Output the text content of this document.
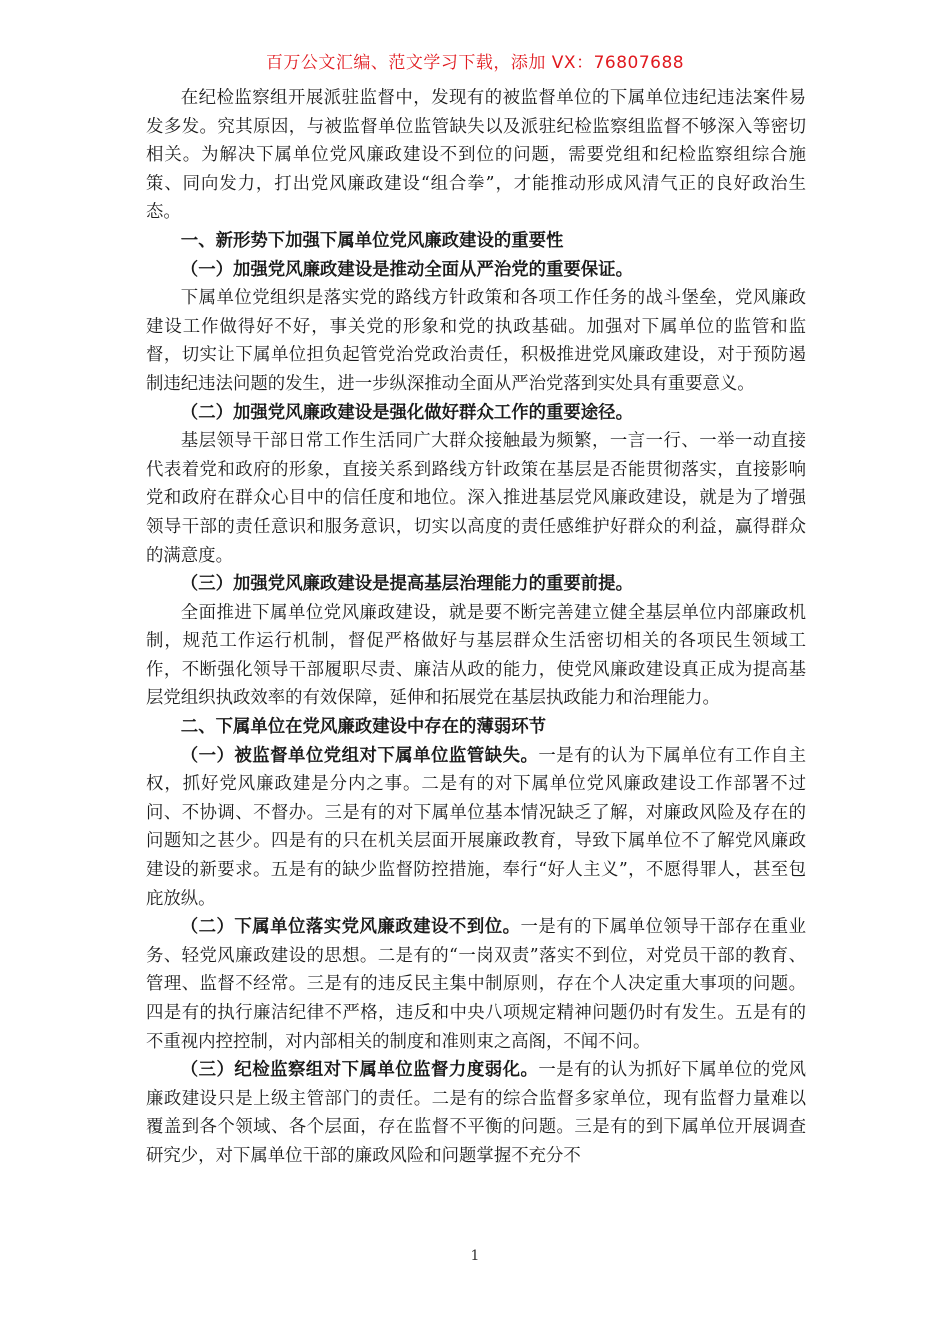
百万公文汇编、范文学习下载，添加 VX：76807688

在纪检监察组开展派驻监督中，发现有的被监督单位的下属单位违纪违法案件易发多发。究其原因，与被监督单位监管缺失以及派驻纪检监察组监督不够深入等密切相关。为解决下属单位党风廉政建设不到位的问题，需要党组和纪检监察组综合施策、同向发力，打出党风廉政建设“组合拳”，才能推动形成风清气正的良好政治生态。

一、新形势下加强下属单位党风廉政建设的重要性

（一）加强党风廉政建设是推动全面从严治党的重要保证。

下属单位党组织是落实党的路线方针政策和各项工作任务的战斗堡垒，党风廉政建设工作做得好不好，事关党的形象和党的执政基础。加强对下属单位的监管和监督，切实让下属单位担负起管党治党政治责任，积极推进党风廉政建设，对于预防遏制违纪违法问题的发生，进一步纵深推动全面从严治党落到实处具有重要意义。

（二）加强党风廉政建设是强化做好群众工作的重要途径。

基层领导干部日常工作生活同广大群众接触最为频繁，一言一行、一举一动直接代表着党和政府的形象，直接关系到路线方针政策在基层是否能贯彻落实，直接影响党和政府在群众心目中的信任度和地位。深入推进基层党风廉政建设，就是为了增强领导干部的责任意识和服务意识，切实以高度的责任感维护好群众的利益，赢得群众的满意度。

（三）加强党风廉政建设是提高基层治理能力的重要前提。

全面推进下属单位党风廉政建设，就是要不断完善建立健全基层单位内部廉政机制，规范工作运行机制，督促严格做好与基层群众生活密切相关的各项民生领域工作，不断强化领导干部履职尽责、廉洁从政的能力，使党风廉政建设真正成为提高基层党组织执政效率的有效保障，延伸和拓展党在基层执政能力和治理能力。

二、下属单位在党风廉政建设中存在的薄弱环节

（一）被监督单位党组对下属单位监管缺失。一是有的认为下属单位有工作自主权，抓好党风廉政建是分内之事。二是有的对下属单位党风廉政建设工作部署不过问、不协调、不督办。三是有的对下属单位基本情况缺乏了解，对廉政风险及存在的问题知之甚少。四是有的只在机关层面开展廉政教育，导致下属单位不了解党风廉政建设的新要求。五是有的缺少监督防控措施，奉行“好人主义”，不愿得罪人，甚至包庇放纵。

（二）下属单位落实党风廉政建设不到位。一是有的下属单位领导干部存在重业务、轻党风廉政建设的思想。二是有的“一岗双责”落实不到位，对党员干部的教育、管理、监督不经常。三是有的违反民主集中制原则，存在个人决定重大事项的问题。四是有的执行廉洁纪律不严格，违反和中央八项规定精神问题仍时有发生。五是有的不重视内控控制，对内部相关的制度和准则束之高阁，不闻不问。

（三）纪检监察组对下属单位监督力度弱化。一是有的认为抓好下属单位的党风廉政建设只是上级主管部门的责任。二是有的综合监督多家单位，现有监督力量难以覆盖到各个领域、各个层面，存在监督不平衡的问题。三是有的到下属单位开展调查研究少，对下属单位干部的廉政风险和问题掌握不充分不

1
